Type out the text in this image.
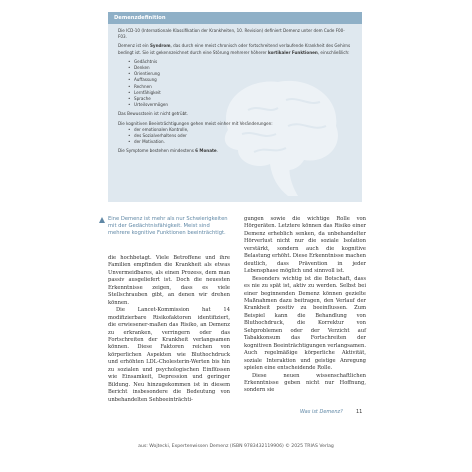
Demenzdefinition

Die ICD-10 (Internationale Klassifikation der Krankheiten, 10. Revision) definiert Demenz unter dem Code F00-F03.

Demenz ist ein Syndrom, das durch eine meist chronisch oder fortschreitend verlaufende Krankheit des Gehirns bedingt ist. Sie ist gekennzeichnet durch eine Störung mehrerer höherer kortikaler Funktionen, einschließlich:

• Gedächtnis
• Denken
• Orientierung
• Auffassung
• Rechnen
• Lernfähigkeit
• Sprache
• Urteilsvermögen

Das Bewusstsein ist nicht getrübt.

Die kognitiven Beeinträchtigungen gehen meist einher mit Veränderungen:

• der emotionalen Kontrolle,
• des Sozialverhaltens oder
• der Motivation.

Die Symptome bestehen mindestens 6 Monate.

Eine Demenz ist mehr als nur Schwierigkeiten mit der Gedächtnisfähigkeit. Meist sind mehrere kognitive Funktionen beeinträchtigt.

die hochbetagt. Viele Betroffene und ihre Familien empfinden die Krankheit als etwas Unvermeidbares, als einen Prozess, dem man passiv ausgeliefert ist. Doch die neuesten Erkenntnisse zeigen, dass es viele Stellschrauben gibt, an denen wir drehen können.

Die Lancet-Kommission hat 14 modifizierbare Risikofaktoren identifiziert, die erwiesener-maßen das Risiko, an Demenz zu erkranken, verringern oder das Fortschreiten der Krankheit verlangsamen können. Diese Faktoren reichen von körperlichen Aspekten wie Bluthochdruck und erhöhten LDL-Cholesterin-Werten bis hin zu sozialen und psychologischen Einflüssen wie Einsamkeit, Depression und geringer Bildung. Neu hinzugekommen ist in diesem Bericht insbesondere die Bedeutung von unbehandelten Sehbeeinträchti-

gungen sowie die wichtige Rolle von Hörgeräten. Letztere können das Risiko einer Demenz erheblich senken, da unbehandelter Hörverlust nicht nur die soziale Isolation verstärkt, sondern auch die kognitive Belastung erhöht. Diese Erkenntnisse machen deutlich, dass Prävention in jeder Lebensphase möglich und sinnvoll ist.

Besonders wichtig ist die Botschaft, dass es nie zu spät ist, aktiv zu werden. Selbst bei einer beginnenden Demenz können gezielte Maßnahmen dazu beitragen, den Verlauf der Krankheit positiv zu beeinflussen. Zum Beispiel kann die Behandlung von Bluthochdruck, die Korrektur von Sehproblemen oder der Verzicht auf Tabakkonsum das Fortschreiten der kognitiven Beeinträchtigungen verlangsamen. Auch regelmäßige körperliche Aktivität, soziale Interaktion und geistige Anregung spielen eine entscheidende Rolle.

Diese neuen wissenschaftlichen Erkenntnisse geben nicht nur Hoffnung, sondern sie

Was ist Demenz?	11
aus: Wojtecki, Expertenwissen Demenz (ISBN 9783432119906) © 2025 TRIAS Verlag
